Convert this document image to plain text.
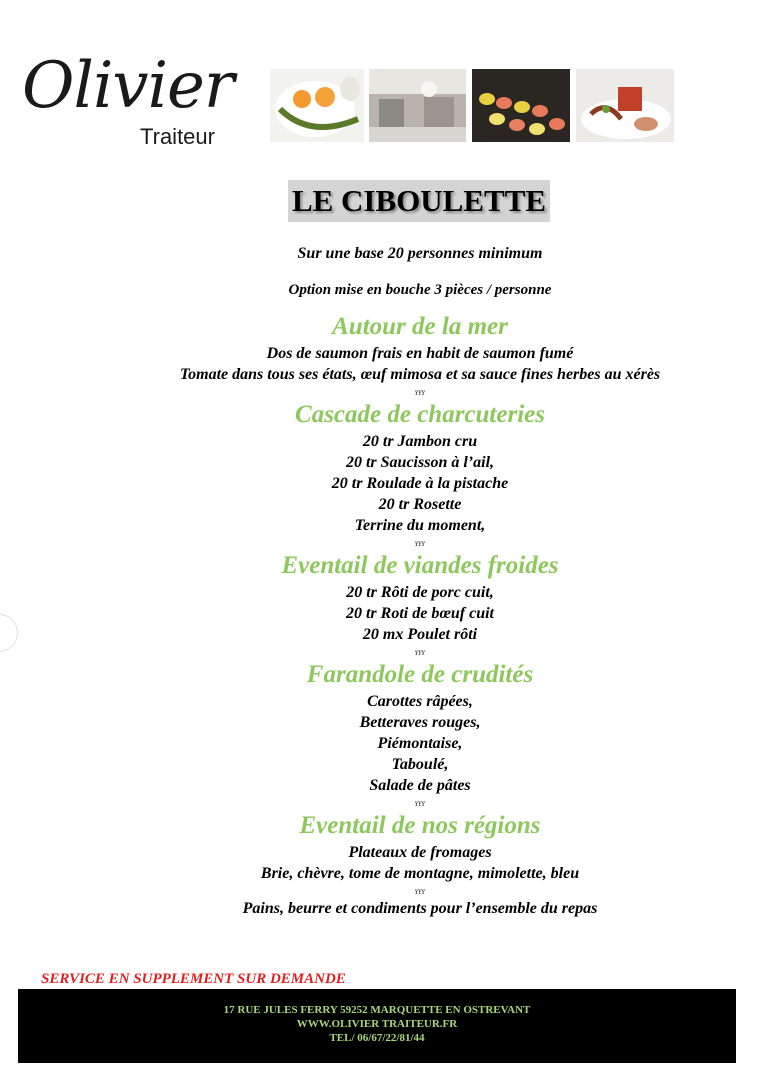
Olivier
Traiteur
LE CIBOULETTE
Sur une base 20 personnes minimum
Option mise en bouche 3 pièces / personne
Autour de la mer
Dos de saumon frais en habit de saumon fumé
Tomate dans tous ses états, œuf mimosa et sa sauce fines herbes au xérès
ʏʏʏ
Cascade de charcuteries
20 tr Jambon cru
20 tr Saucisson à l’ail,
20 tr Roulade à la pistache
20 tr Rosette
Terrine du moment,
ʏʏʏ
Eventail de viandes froides
20 tr Rôti de porc cuit,
20 tr Roti de bœuf cuit
20 mx Poulet rôti
ʏʏʏ
Farandole de crudités
Carottes râpées,
Betteraves rouges,
Piémontaise,
Taboulé,
Salade de pâtes
ʏʏʏ
Eventail de nos régions
Plateaux de fromages
Brie, chèvre, tome de montagne, mimolette, bleu
ʏʏʏ
Pains, beurre et condiments pour l’ensemble du repas
SERVICE EN SUPPLEMENT SUR DEMANDE
17 RUE JULES FERRY 59252 MARQUETTE EN OSTREVANT
WWW.OLIVIER TRAITEUR.FR
TEL/ 06/67/22/81/44
